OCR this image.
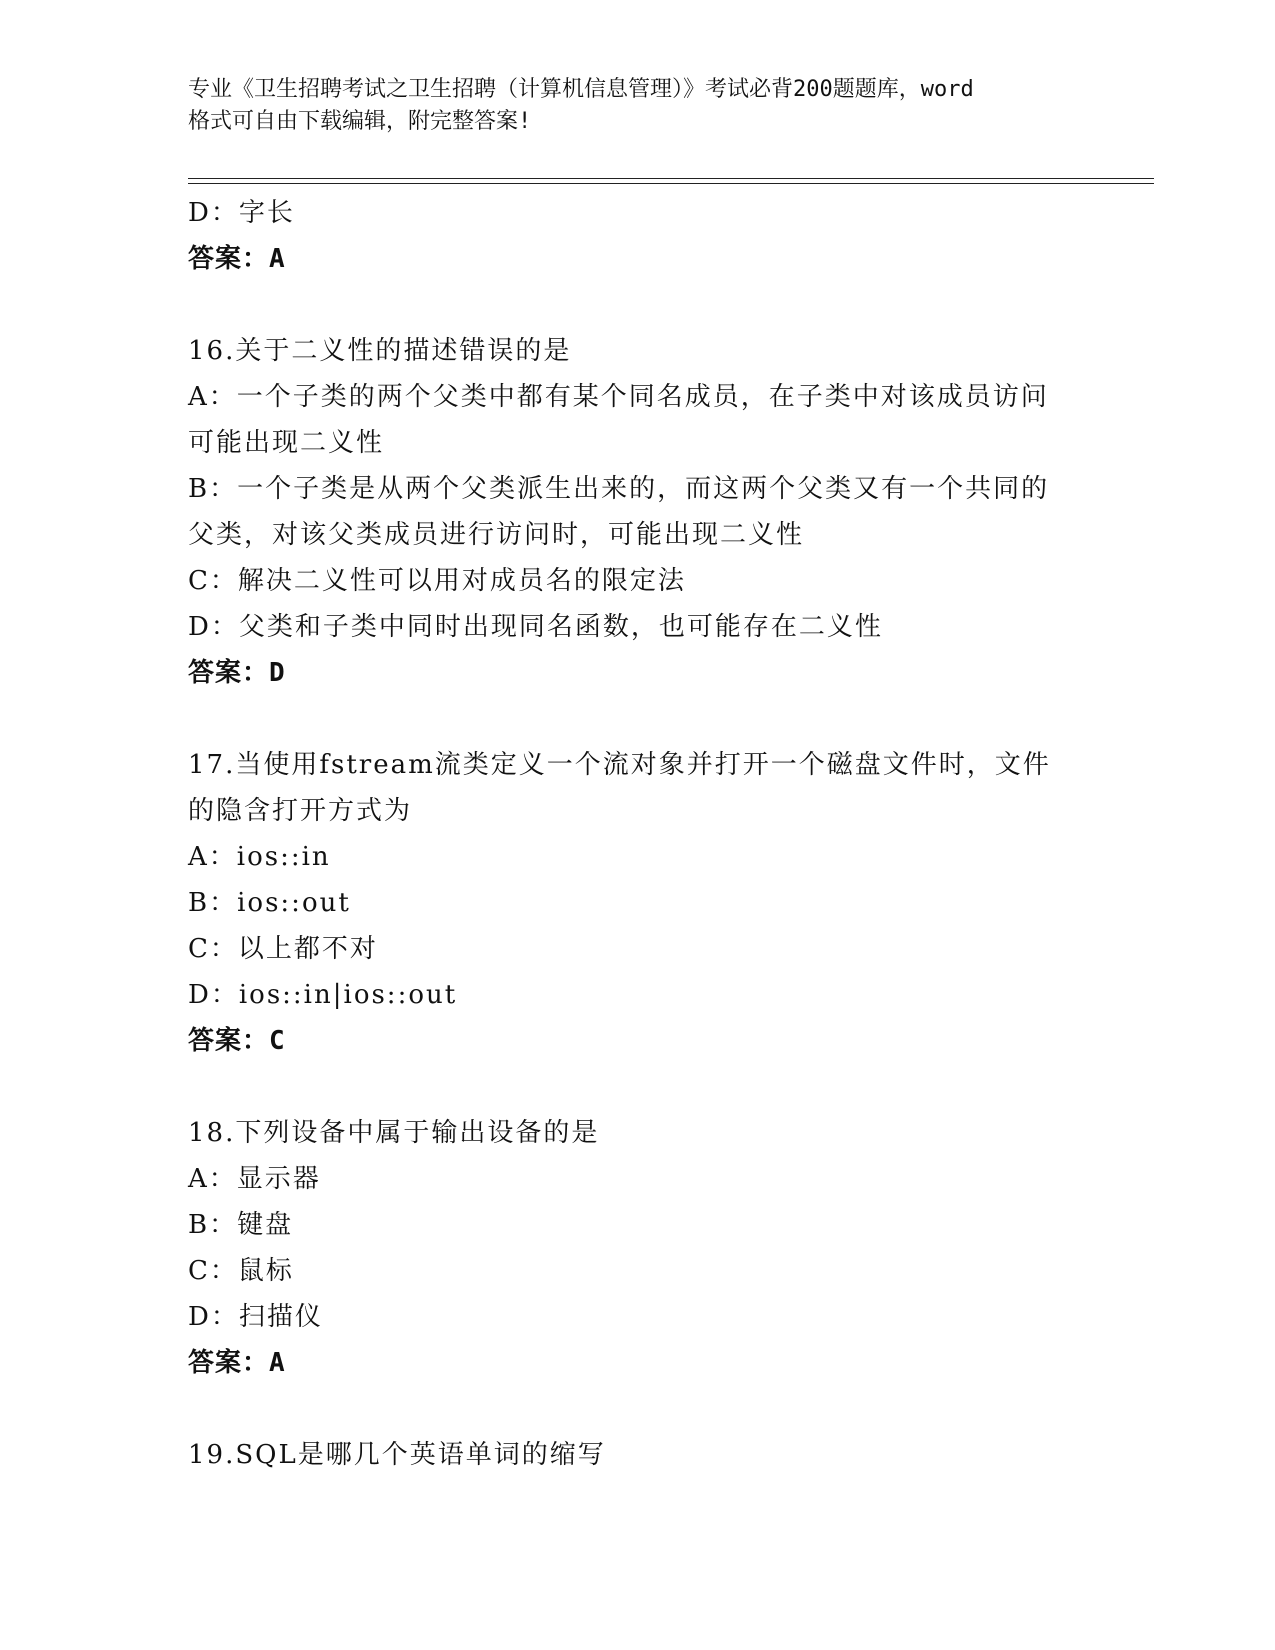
专业《卫生招聘考试之卫生招聘（计算机信息管理）》考试必背200题题库，word
格式可自由下载编辑，附完整答案!
D：字长
答案：A
16.关于二义性的描述错误的是
A：一个子类的两个父类中都有某个同名成员，在子类中对该成员访问
可能出现二义性
B：一个子类是从两个父类派生出来的，而这两个父类又有一个共同的
父类，对该父类成员进行访问时，可能出现二义性
C：解决二义性可以用对成员名的限定法
D：父类和子类中同时出现同名函数，也可能存在二义性
答案：D
17.当使用fstream流类定义一个流对象并打开一个磁盘文件时，文件
的隐含打开方式为
A：ios::in
B：ios::out
C：以上都不对
D：ios::in|ios::out
答案：C
18.下列设备中属于输出设备的是
A：显示器
B：键盘
C：鼠标
D：扫描仪
答案：A
19.SQL是哪几个英语单词的缩写
